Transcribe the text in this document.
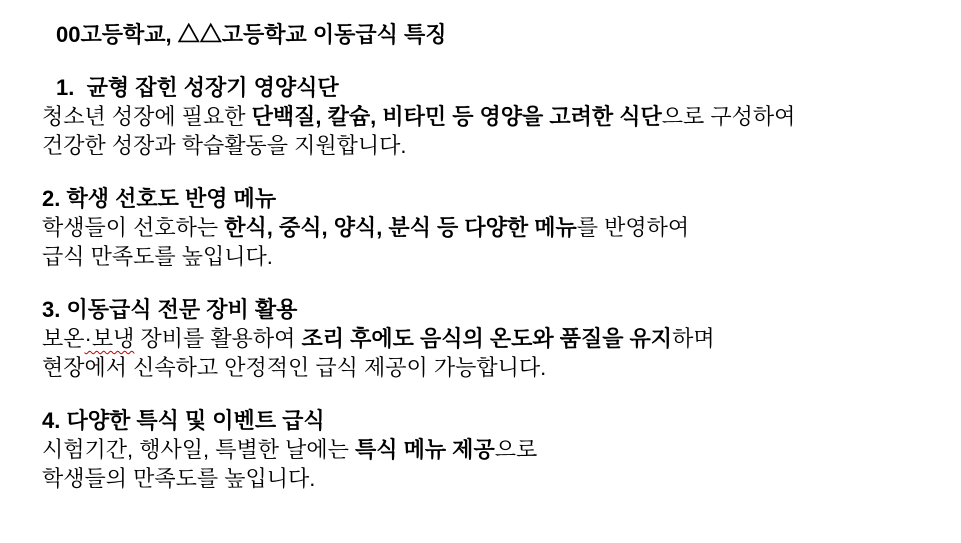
00고등학교, △△고등학교 이동급식 특징
1.  균형 잡힌 성장기 영양식단
청소년 성장에 필요한 단백질, 칼슘, 비타민 등 영양을 고려한 식단으로 구성하여
건강한 성장과 학습활동을 지원합니다.
2. 학생 선호도 반영 메뉴
학생들이 선호하는 한식, 중식, 양식, 분식 등 다양한 메뉴를 반영하여
급식 만족도를 높입니다.
3. 이동급식 전문 장비 활용
보온·보냉 장비를 활용하여 조리 후에도 음식의 온도와 품질을 유지하며
현장에서 신속하고 안정적인 급식 제공이 가능합니다.
4. 다양한 특식 및 이벤트 급식
시험기간, 행사일, 특별한 날에는 특식 메뉴 제공으로
학생들의 만족도를 높입니다.
